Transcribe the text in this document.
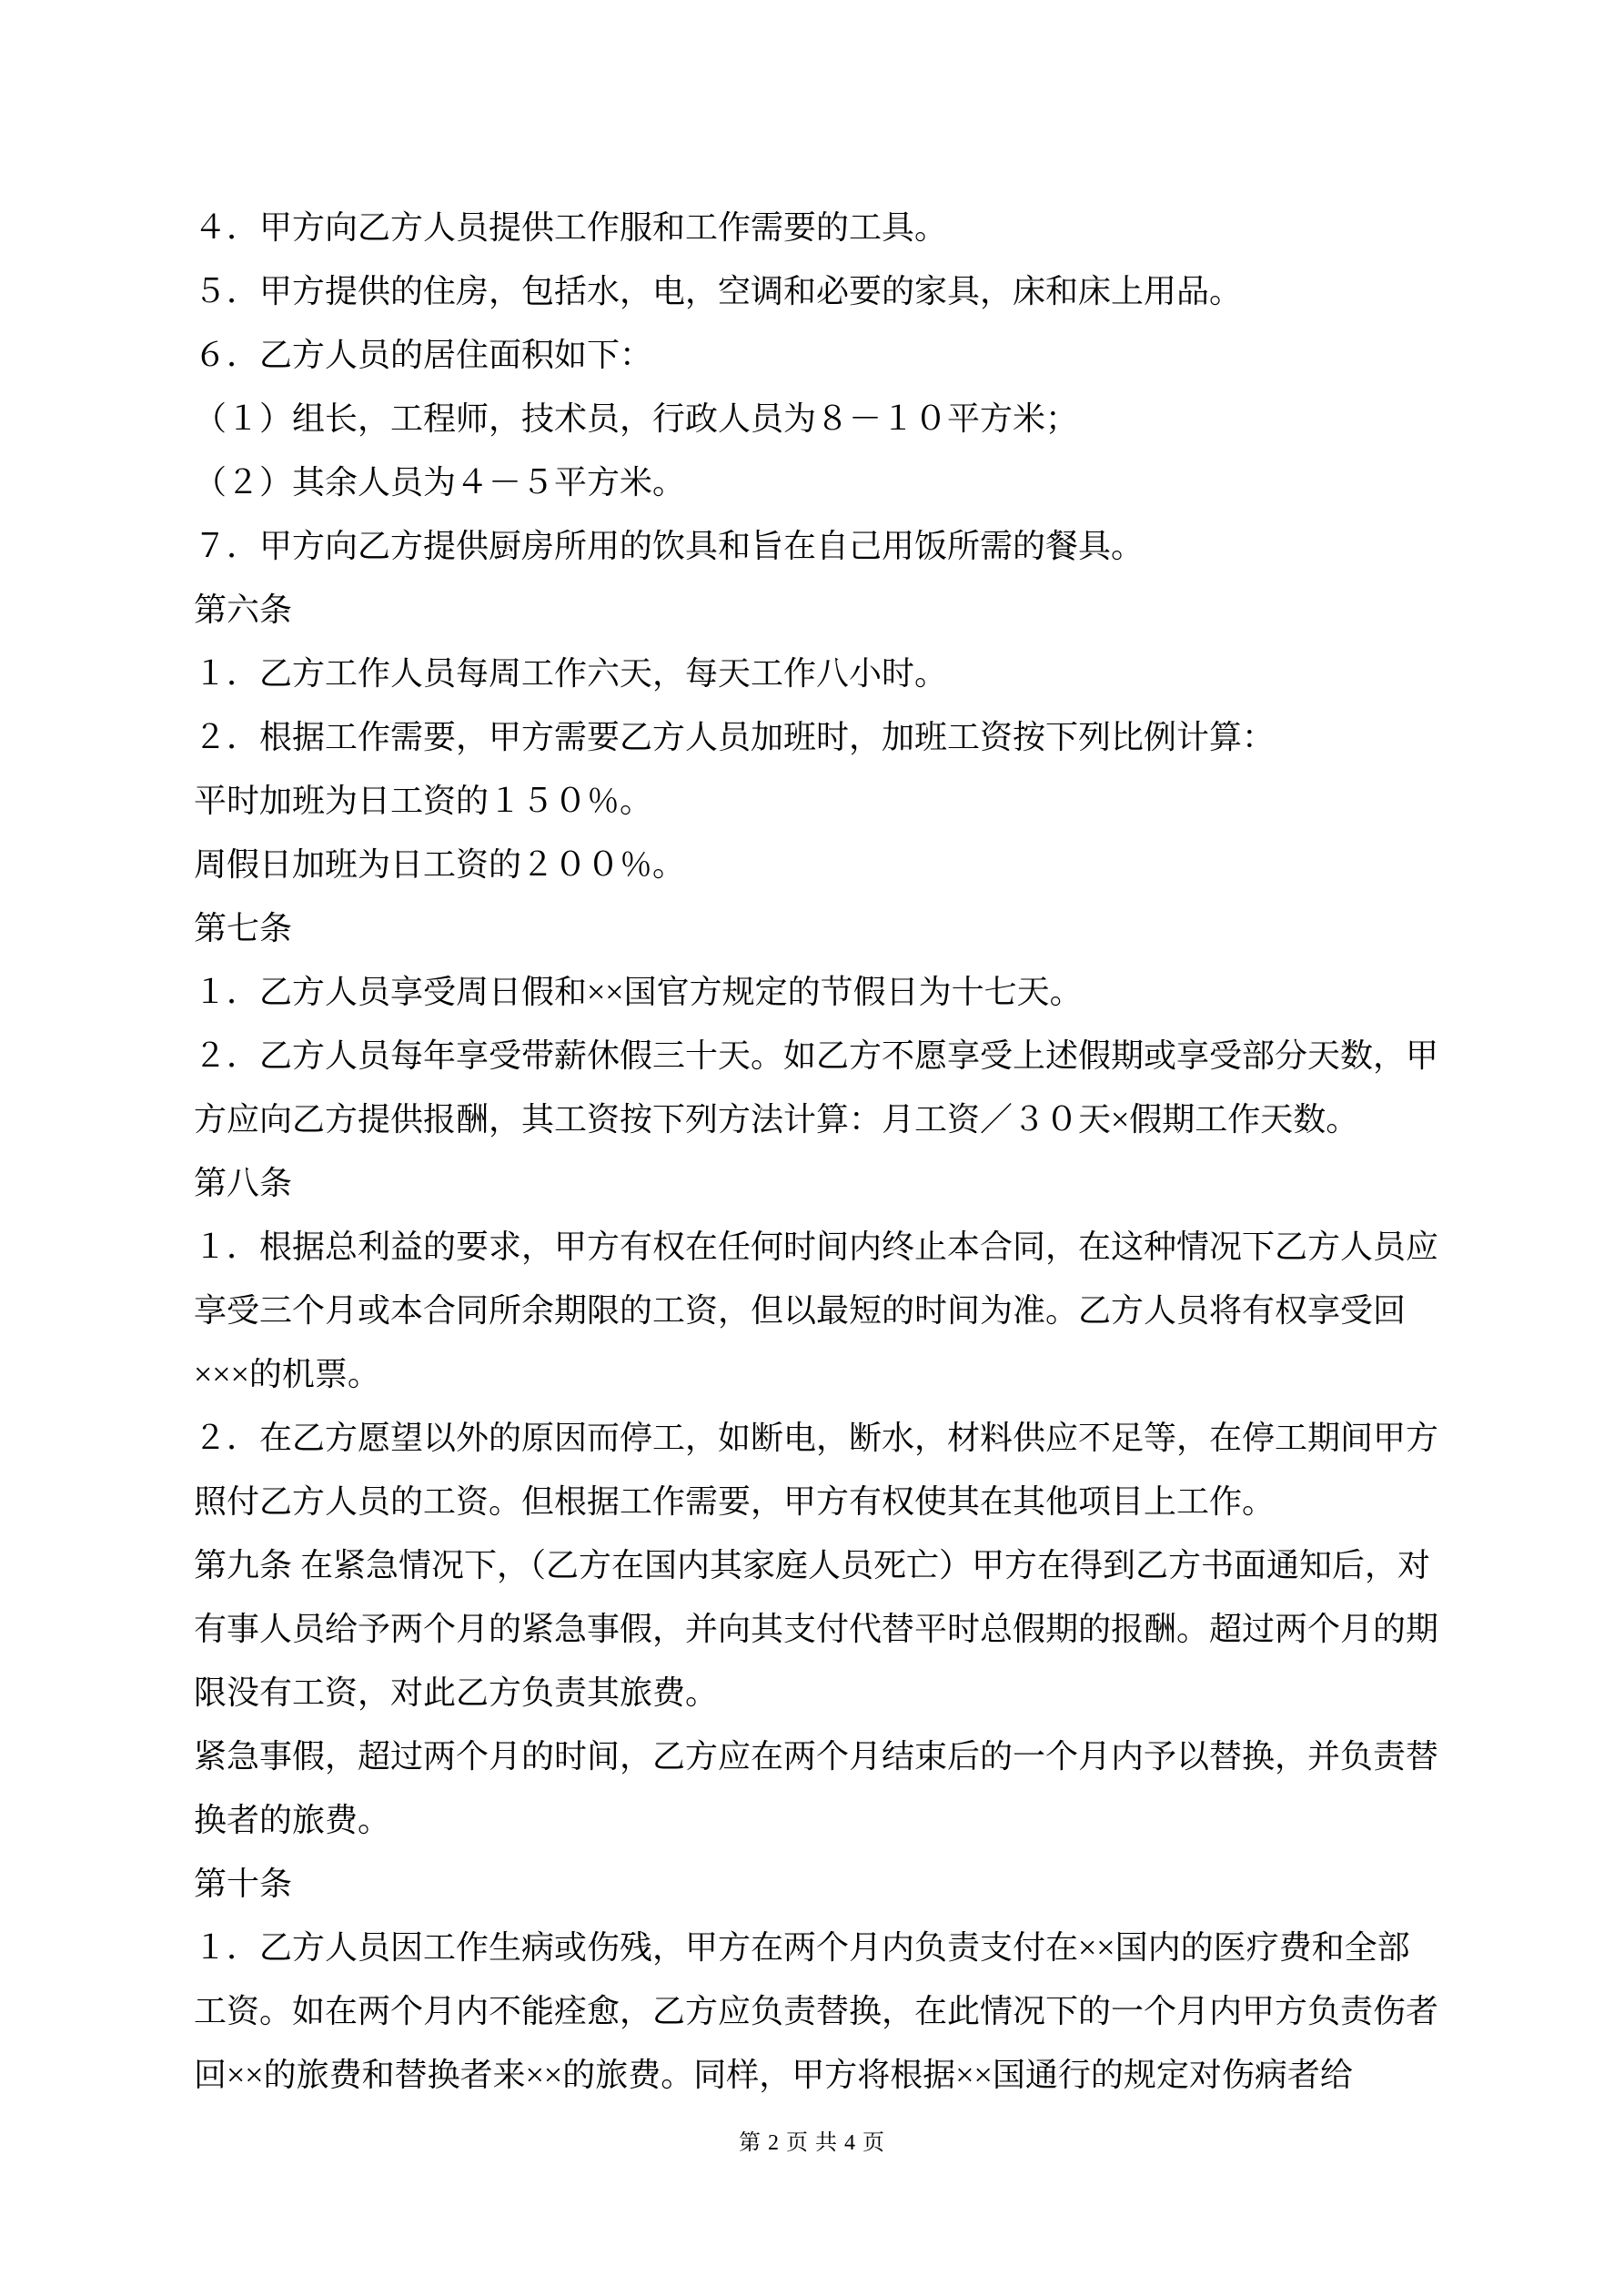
４．甲方向乙方人员提供工作服和工作需要的工具。
５．甲方提供的住房，包括水，电，空调和必要的家具，床和床上用品。
６．乙方人员的居住面积如下：
（１）组长，工程师，技术员，行政人员为８－１０平方米；
（２）其余人员为４－５平方米。
７．甲方向乙方提供厨房所用的饮具和旨在自己用饭所需的餐具。
第六条
１．乙方工作人员每周工作六天，每天工作八小时。
２．根据工作需要，甲方需要乙方人员加班时，加班工资按下列比例计算：
平时加班为日工资的１５０％。
周假日加班为日工资的２００％。
第七条
１．乙方人员享受周日假和××国官方规定的节假日为十七天。
２．乙方人员每年享受带薪休假三十天。如乙方不愿享受上述假期或享受部分天数，甲
方应向乙方提供报酬，其工资按下列方法计算：月工资／３０天×假期工作天数。
第八条
１．根据总利益的要求，甲方有权在任何时间内终止本合同，在这种情况下乙方人员应
享受三个月或本合同所余期限的工资，但以最短的时间为准。乙方人员将有权享受回
×××的机票。
２．在乙方愿望以外的原因而停工，如断电，断水，材料供应不足等，在停工期间甲方
照付乙方人员的工资。但根据工作需要，甲方有权使其在其他项目上工作。
第九条 在紧急情况下，（乙方在国内其家庭人员死亡）甲方在得到乙方书面通知后，对
有事人员给予两个月的紧急事假，并向其支付代替平时总假期的报酬。超过两个月的期
限没有工资，对此乙方负责其旅费。
紧急事假，超过两个月的时间，乙方应在两个月结束后的一个月内予以替换，并负责替
换者的旅费。
第十条
１．乙方人员因工作生病或伤残，甲方在两个月内负责支付在××国内的医疗费和全部
工资。如在两个月内不能痊愈，乙方应负责替换，在此情况下的一个月内甲方负责伤者
回××的旅费和替换者来××的旅费。同样，甲方将根据××国通行的规定对伤病者给
第 2 页 共 4 页
